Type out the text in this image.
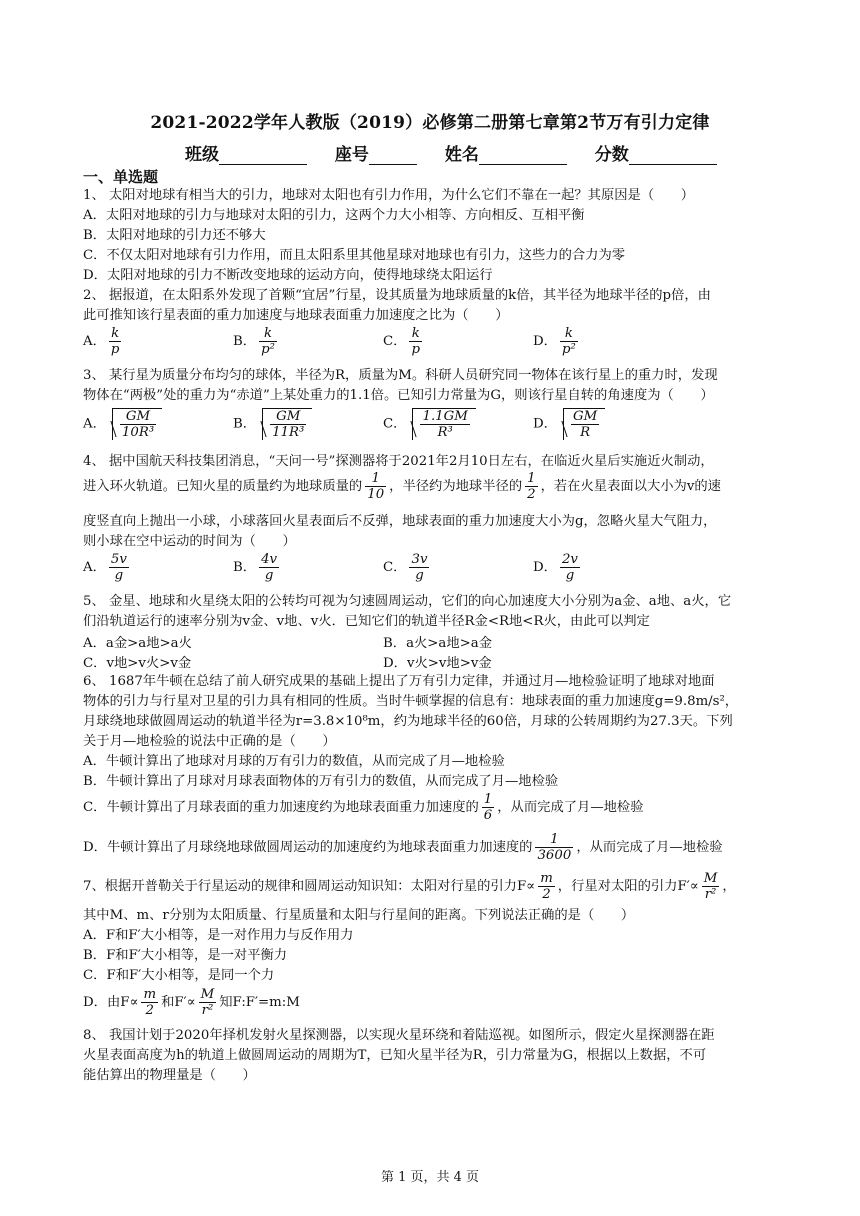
2021-2022学年人教版（2019）必修第二册第七章第2节万有引力定律
班级	座号	姓名	分数
一、单选题
1、 太阳对地球有相当大的引力，地球对太阳也有引力作用，为什么它们不靠在一起？其原因是（　　）
A．太阳对地球的引力与地球对太阳的引力，这两个力大小相等、方向相反、互相平衡
B．太阳对地球的引力还不够大
C．不仅太阳对地球有引力作用，而且太阳系里其他星球对地球也有引力，这些力的合力为零
D．太阳对地球的引力不断改变地球的运动方向，使得地球绕太阳运行
2、 据报道，在太阳系外发现了首颗“宜居”行星，设其质量为地球质量的k倍，其半径为地球半径的p倍，由
此可推知该行星表面的重力加速度与地球表面重力加速度之比为（　　）
A． $\frac{k}{p}$	B． $\frac{k}{\text{p²}}$	C． $\frac{k}{p}$	D． $\frac{k}{\text{p²}}$
3、 某行星为质量分布均匀的球体，半径为R，质量为M。科研人员研究同一物体在该行星上的重力时，发现
物体在“两极”处的重力为“赤道”上某处重力的1.1倍。已知引力常量为G，则该行星自转的角速度为（　　）
A． $\frac{GM}{\text{10R³}}$	B． $\frac{GM}{\text{11R³}}$	C． $\frac{1.1GM}{\text{R³}}$	D． $\frac{GM}{R}$
4、 据中国航天科技集团消息，“天问一号”探测器将于2021年2月10日左右，在临近火星后实施近火制动，
进入环火轨道。已知火星的质量约为地球质量的 $\frac{1}{10}$ ，半径约为地球半径的 $\frac{1}{2}$ ，若在火星表面以大小为v的速
度竖直向上抛出一小球，小球落回火星表面后不反弹，地球表面的重力加速度大小为g，忽略火星大气阻力，
则小球在空中运动的时间为（　　）
A． $\frac{5v}{g}$	B． $\frac{4v}{g}$	C． $\frac{3v}{g}$	D． $\frac{2v}{g}$
5、 金星、地球和火星绕太阳的公转均可视为匀速圆周运动，它们的向心加速度大小分别为a金、a地、a火，它
们沿轨道运行的速率分别为v金、v地、v火．已知它们的轨道半径R金<R地<R火，由此可以判定
A．a金>a地>a火	B．a火>a地>a金
C．v地>v火>v金	D．v火>v地>v金
6、 1687年牛顿在总结了前人研究成果的基础上提出了万有引力定律，并通过月—地检验证明了地球对地面
物体的引力与行星对卫星的引力具有相同的性质。当时牛顿掌握的信息有：地球表面的重力加速度g=9.8m/s²，
月球绕地球做圆周运动的轨道半径为r=3.8×10⁸m，约为地球半径的60倍，月球的公转周期约为27.3天。下列
关于月—地检验的说法中正确的是（　　）
A．牛顿计算出了地球对月球的万有引力的数值，从而完成了月—地检验
B．牛顿计算出了月球对月球表面物体的万有引力的数值，从而完成了月—地检验
C．牛顿计算出了月球表面的重力加速度约为地球表面重力加速度的 $\frac{1}{6}$ ，从而完成了月—地检验
D．牛顿计算出了月球绕地球做圆周运动的加速度约为地球表面重力加速度的 $\frac{1}{3600}$ ，从而完成了月—地检验
7、根据开普勒关于行星运动的规律和圆周运动知识知：太阳对行星的引力$F\propto \frac{m}{2}$ ，行星对太阳的引力$F'\propto \frac{M}{\text{r²}}$ ，
其中M、m、r分别为太阳质量、行星质量和太阳与行星间的距离。下列说法正确的是（　　）
A．F和F′大小相等，是一对作用力与反作用力
B．F和F′大小相等，是一对平衡力
C．F和F′大小相等，是同一个力
D．由$F\propto \frac{m}{2}$ 和$F'\propto \frac{M}{\text{r²}}$ 知F:F′=m:M
8、 我国计划于2020年择机发射火星探测器，以实现火星环绕和着陆巡视。如图所示，假定火星探测器在距
火星表面高度为h的轨道上做圆周运动的周期为T，已知火星半径为R，引力常量为G，根据以上数据，不可
能估算出的物理量是（　　）
第 1 页，共 4 页
